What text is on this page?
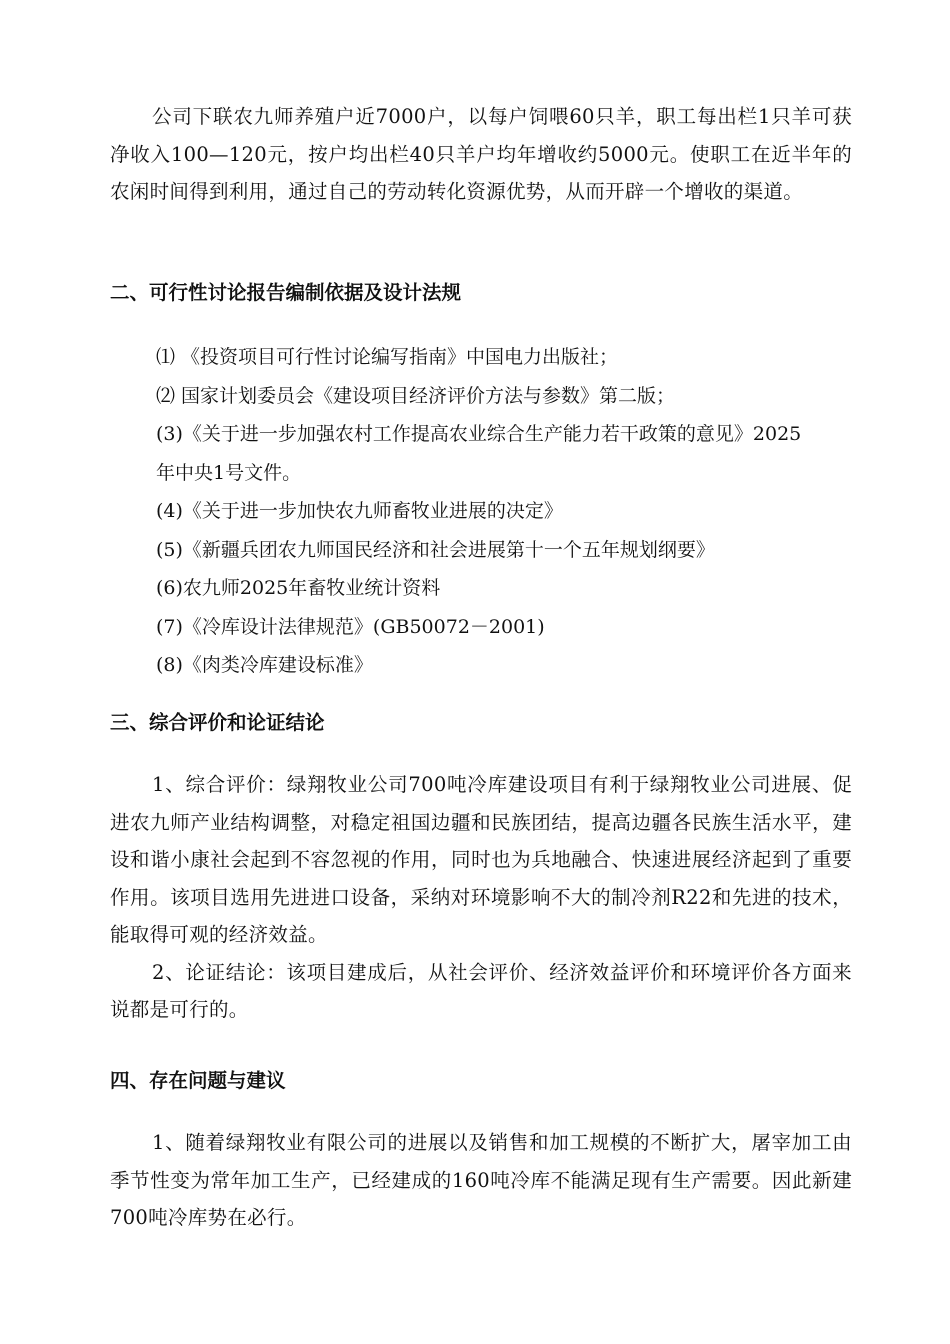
公司下联农九师养殖户近7000户，以每户饲喂60只羊，职工每出栏1只羊可获净收入100—120元，按户均出栏40只羊户均年增收约5000元。使职工在近半年的农闲时间得到利用，通过自己的劳动转化资源优势，从而开辟一个增收的渠道。

二、可行性讨论报告编制依据及设计法规
⑴ 《投资项目可行性讨论编写指南》中国电力出版社；
⑵ 国家计划委员会《建设项目经济评价方法与参数》第二版；
(3)《关于进一步加强农村工作提高农业综合生产能力若干政策的意见》2025年中央1号文件。
(4)《关于进一步加快农九师畜牧业进展的决定》
(5)《新疆兵团农九师国民经济和社会进展第十一个五年规划纲要》
(6)农九师2025年畜牧业统计资料
(7)《冷库设计法律规范》(GB50072－2001)
(8)《肉类冷库建设标准》
三、综合评价和论证结论

1、综合评价：绿翔牧业公司700吨冷库建设项目有利于绿翔牧业公司进展、促进农九师产业结构调整，对稳定祖国边疆和民族团结，提高边疆各民族生活水平，建设和谐小康社会起到不容忽视的作用，同时也为兵地融合、快速进展经济起到了重要作用。该项目选用先进进口设备，采纳对环境影响不大的制冷剂R22和先进的技术，能取得可观的经济效益。

2、论证结论：该项目建成后，从社会评价、经济效益评价和环境评价各方面来说都是可行的。

四、存在问题与建议

1、随着绿翔牧业有限公司的进展以及销售和加工规模的不断扩大，屠宰加工由季节性变为常年加工生产，已经建成的160吨冷库不能满足现有生产需要。因此新建700吨冷库势在必行。
